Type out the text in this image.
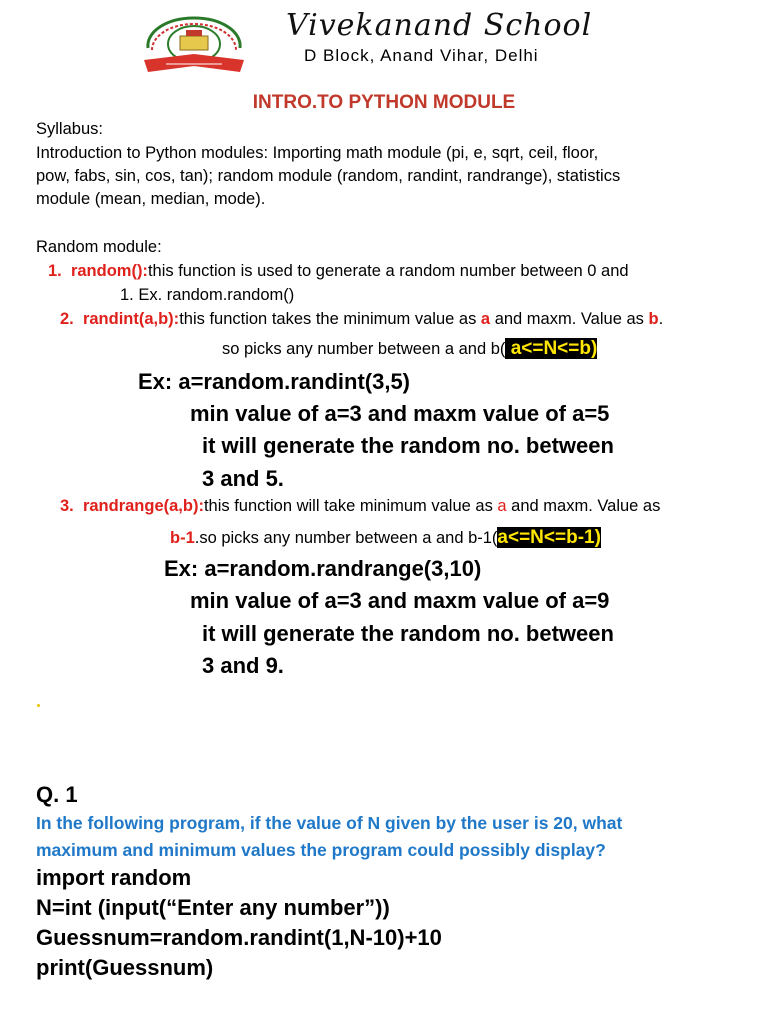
Vivekanand School
D Block, Anand Vihar, Delhi
INTRO.TO PYTHON MODULE
Syllabus:
Introduction to Python modules: Importing math module (pi, e, sqrt, ceil, floor,
pow, fabs, sin, cos, tan); random module (random, randint, randrange), statistics
module (mean, median, mode).
Random module:
1. random():this function is used to generate a random number between 0 and
1. Ex. random.random()
2. randint(a,b):this function takes the minimum value as a and maxm. Value as b.
so picks any number between a and b( a<=N<=b)
Ex: a=random.randint(3,5)
min value of a=3 and maxm value of a=5
it will generate the random no. between
3 and 5.
3. randrange(a,b):this function will take minimum value as a and maxm. Value as
b-1.so picks any number between a and b-1(a<=N<=b-1)
Ex: a=random.randrange(3,10)
min value of a=3 and maxm value of a=9
it will generate the random no. between
3 and 9.
Q. 1
In the following program, if the value of N given by the user is 20, what
maximum and minimum values the program could possibly display?
import random
N=int (input(“Enter any number”))
Guessnum=random.randint(1,N-10)+10
print(Guessnum)
